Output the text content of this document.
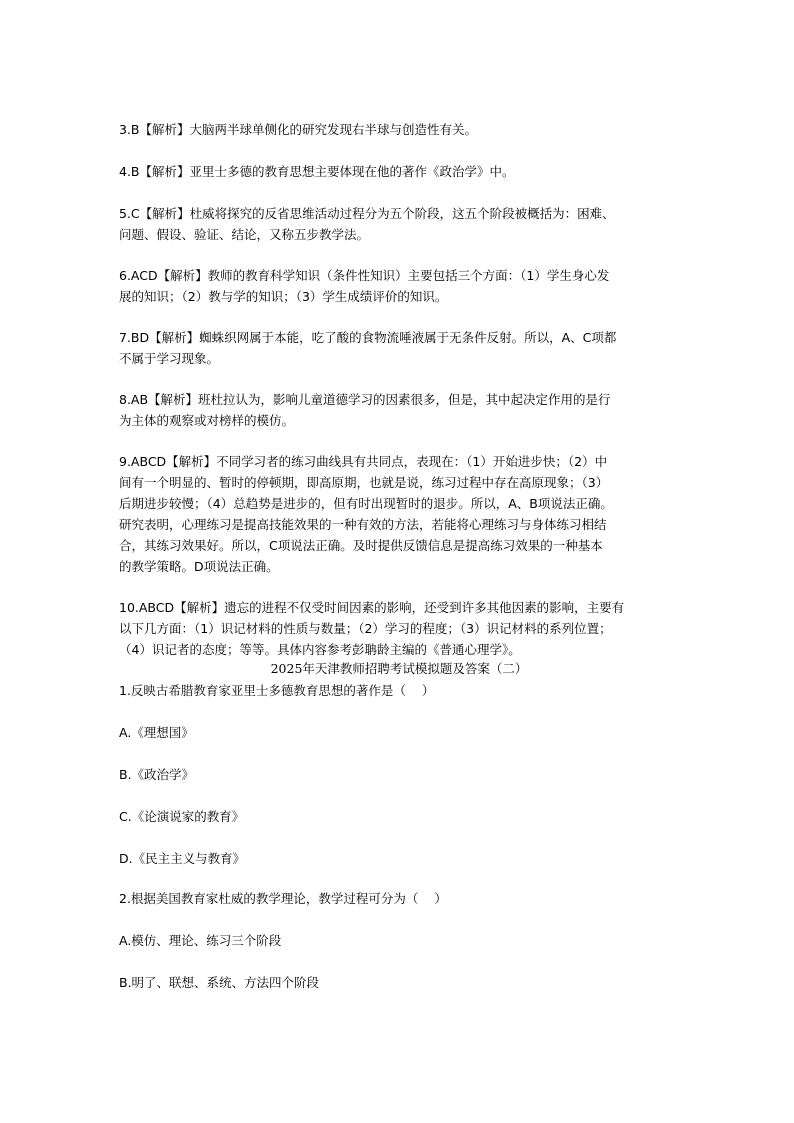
3.B【解析】大脑两半球单侧化的研究发现右半球与创造性有关。

4.B【解析】亚里士多德的教育思想主要体现在他的著作《政治学》中。

5.C【解析】杜威将探究的反省思维活动过程分为五个阶段，这五个阶段被概括为：困难、
问题、假设、验证、结论，又称五步教学法。

6.ACD【解析】教师的教育科学知识（条件性知识）主要包括三个方面：（1）学生身心发
展的知识；（2）教与学的知识；（3）学生成绩评价的知识。

7.BD【解析】蜘蛛织网属于本能，吃了酸的食物流唾液属于无条件反射。所以，A、C项都
不属于学习现象。

8.AB【解析】班杜拉认为，影响儿童道德学习的因素很多，但是，其中起决定作用的是行
为主体的观察或对榜样的模仿。

9.ABCD【解析】不同学习者的练习曲线具有共同点，表现在：（1）开始进步快；（2）中
间有一个明显的、暂时的停顿期，即高原期，也就是说，练习过程中存在高原现象；（3）
后期进步较慢；（4）总趋势是进步的，但有时出现暂时的退步。所以，A、B项说法正确。
研究表明，心理练习是提高技能效果的一种有效的方法，若能将心理练习与身体练习相结
合，其练习效果好。所以，C项说法正确。及时提供反馈信息是提高练习效果的一种基本
的教学策略。D项说法正确。

10.ABCD【解析】遗忘的进程不仅受时间因素的影响，还受到许多其他因素的影响，主要有
以下几方面：（1）识记材料的性质与数量；（2）学习的程度；（3）识记材料的系列位置；
（4）识记者的态度；等等。具体内容参考彭聃龄主编的《普通心理学》。

2025年天津教师招聘考试模拟题及答案（二）

1.反映古希腊教育家亚里士多德教育思想的著作是（    ）

A.《理想国》

B.《政治学》

C.《论演说家的教育》

D.《民主主义与教育》

2.根据美国教育家杜威的教学理论，教学过程可分为（    ）

A.模仿、理论、练习三个阶段

B.明了、联想、系统、方法四个阶段
